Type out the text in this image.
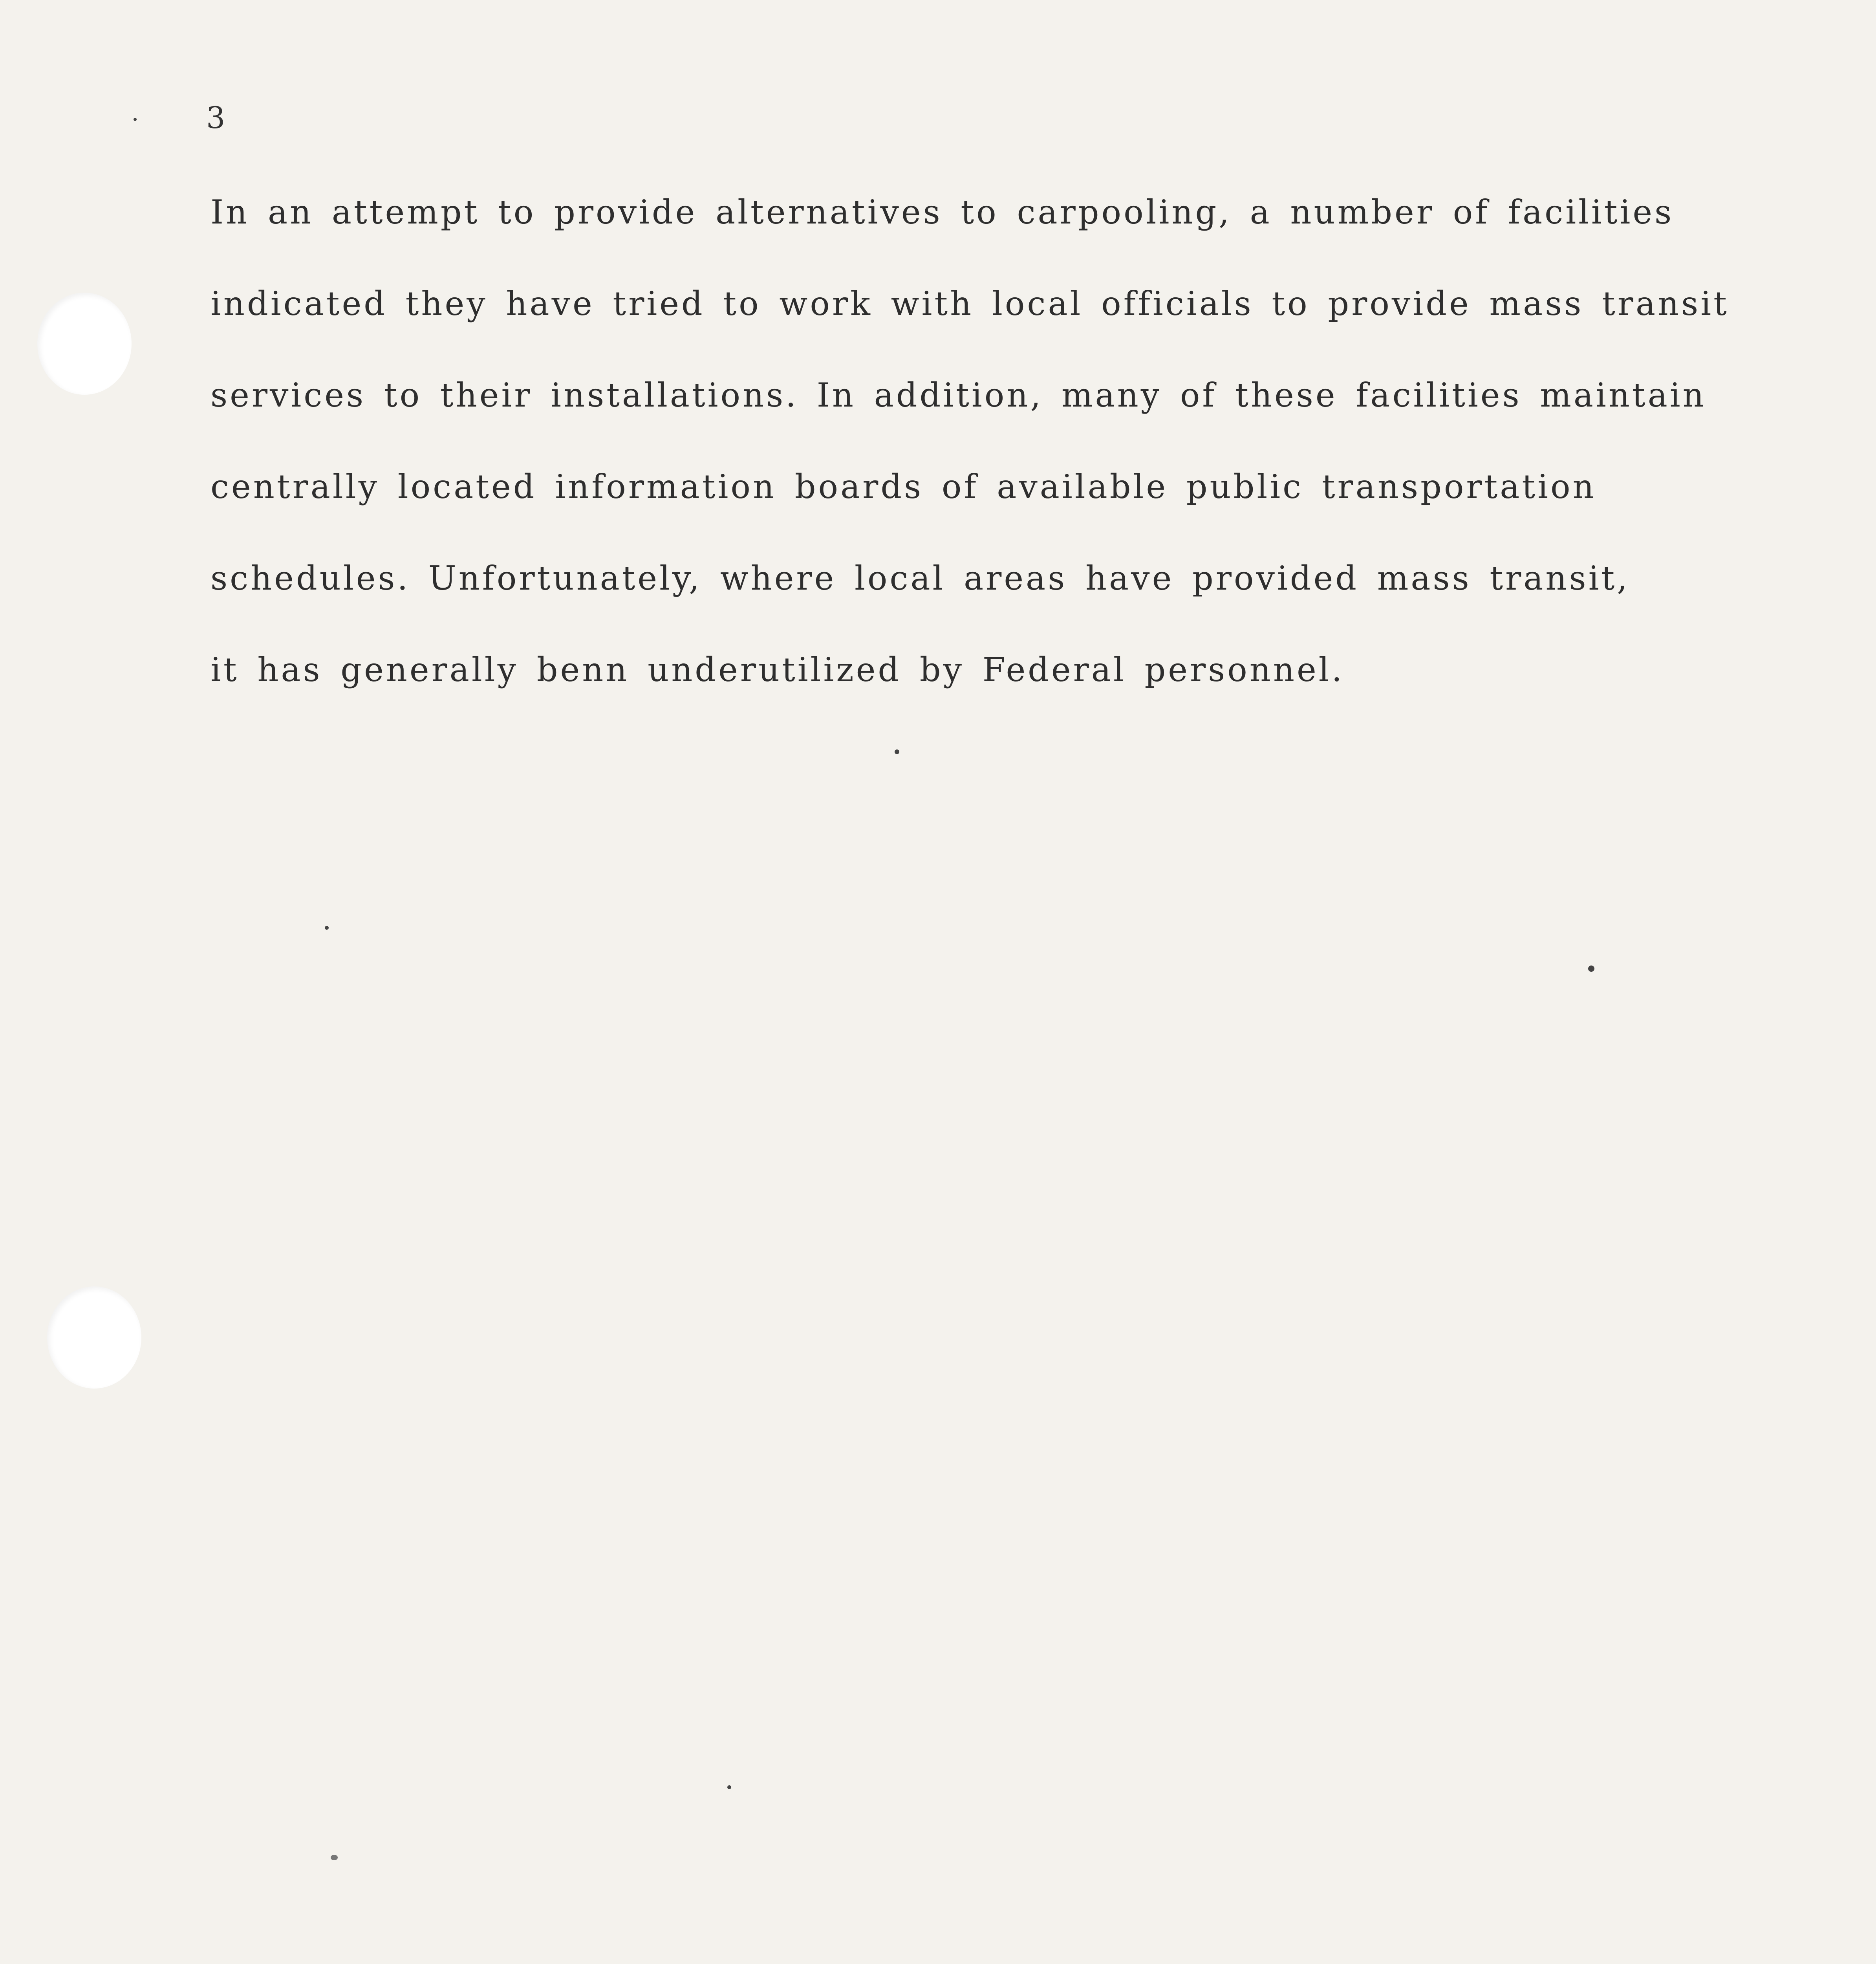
3
In an attempt to provide alternatives to carpooling, a number of facilities
indicated they have tried to work with local officials to provide mass transit
services to their installations. In addition, many of these facilities maintain
centrally located information boards of available public transportation
schedules. Unfortunately, where local areas have provided mass transit,
it has generally benn underutilized by Federal personnel.
